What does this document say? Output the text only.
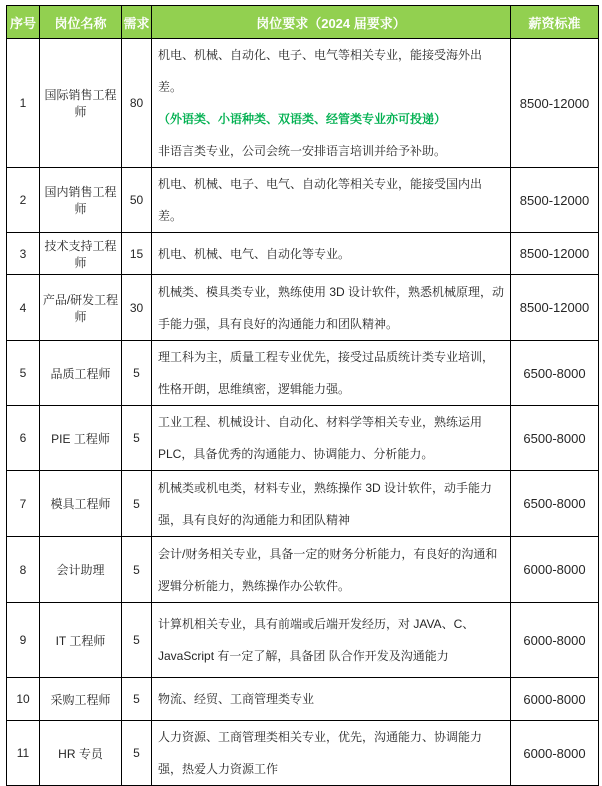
序号	岗位名称	需求	岗位要求（2024 届要求）	薪资标准
1	国际销售工程师	80	机电、机械、自动化、电子、电气等相关专业，能接受海外出差。
（外语类、小语种类、双语类、经管类专业亦可投递）
非语言类专业，公司会统一安排语言培训并给予补助。	8500-12000
2	国内销售工程师	50	机电、机械、电子、电气、自动化等相关专业，能接受国内出差。	8500-12000
3	技术支持工程师	15	机电、机械、电气、自动化等专业。	8500-12000
4	产品/研发工程师	30	机械类、模具类专业，熟练使用 3D 设计软件，熟悉机械原理，动手能力强，具有良好的沟通能力和团队精神。	8500-12000
5	品质工程师	5	理工科为主，质量工程专业优先，接受过品质统计类专业培训，性格开朗，思维缜密，逻辑能力强。	6500-8000
6	PIE 工程师	5	工业工程、机械设计、自动化、材料学等相关专业，熟练运用 PLC，具备优秀的沟通能力、协调能力、分析能力。	6500-8000
7	模具工程师	5	机械类或机电类，材料专业，熟练操作 3D 设计软件，动手能力强，具有良好的沟通能力和团队精神	6500-8000
8	会计助理	5	会计/财务相关专业，具备一定的财务分析能力，有良好的沟通和逻辑分析能力，熟练操作办公软件。	6000-8000
9	IT 工程师	5	计算机相关专业，具有前端或后端开发经历，对 JAVA、C、JavaScript 有一定了解，具备团 队合作开发及沟通能力	6000-8000
10	采购工程师	5	物流、经贸、工商管理类专业	6000-8000
11	HR 专员	5	人力资源、工商管理类相关专业，优先，沟通能力、协调能力强，热爱人力资源工作	6000-8000
